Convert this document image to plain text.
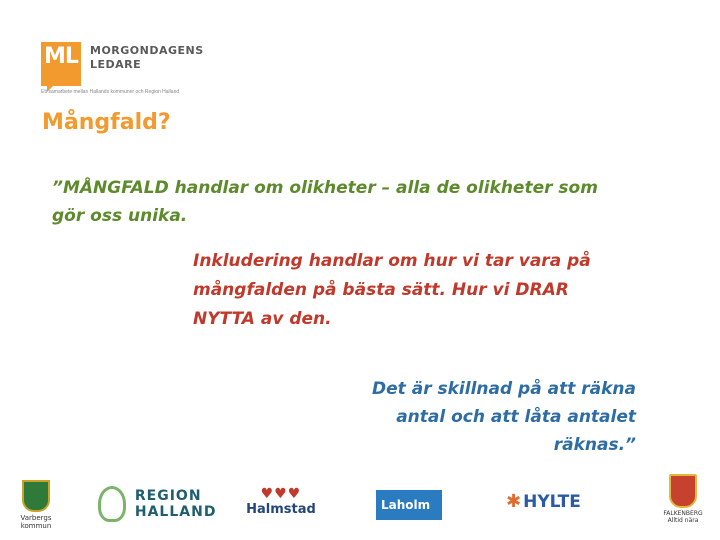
ML MORGONDAGENS
LEDARE
Ett samarbete mellan Hallands kommuner och Region Halland
Mångfald?
”MÅNGFALD handlar om olikheter – alla de olikheter som
gör oss unika.
Inkludering handlar om hur vi tar vara på
mångfalden på bästa sätt. Hur vi DRAR
NYTTA av den.
Det är skillnad på att räkna
antal och att låta antalet
räknas.”
Varbergs
kommun

REGION
HALLAND
♥♥♥
Halmstad	Laholm	✱ HYLTE
FALKENBERG
Alltid nära
